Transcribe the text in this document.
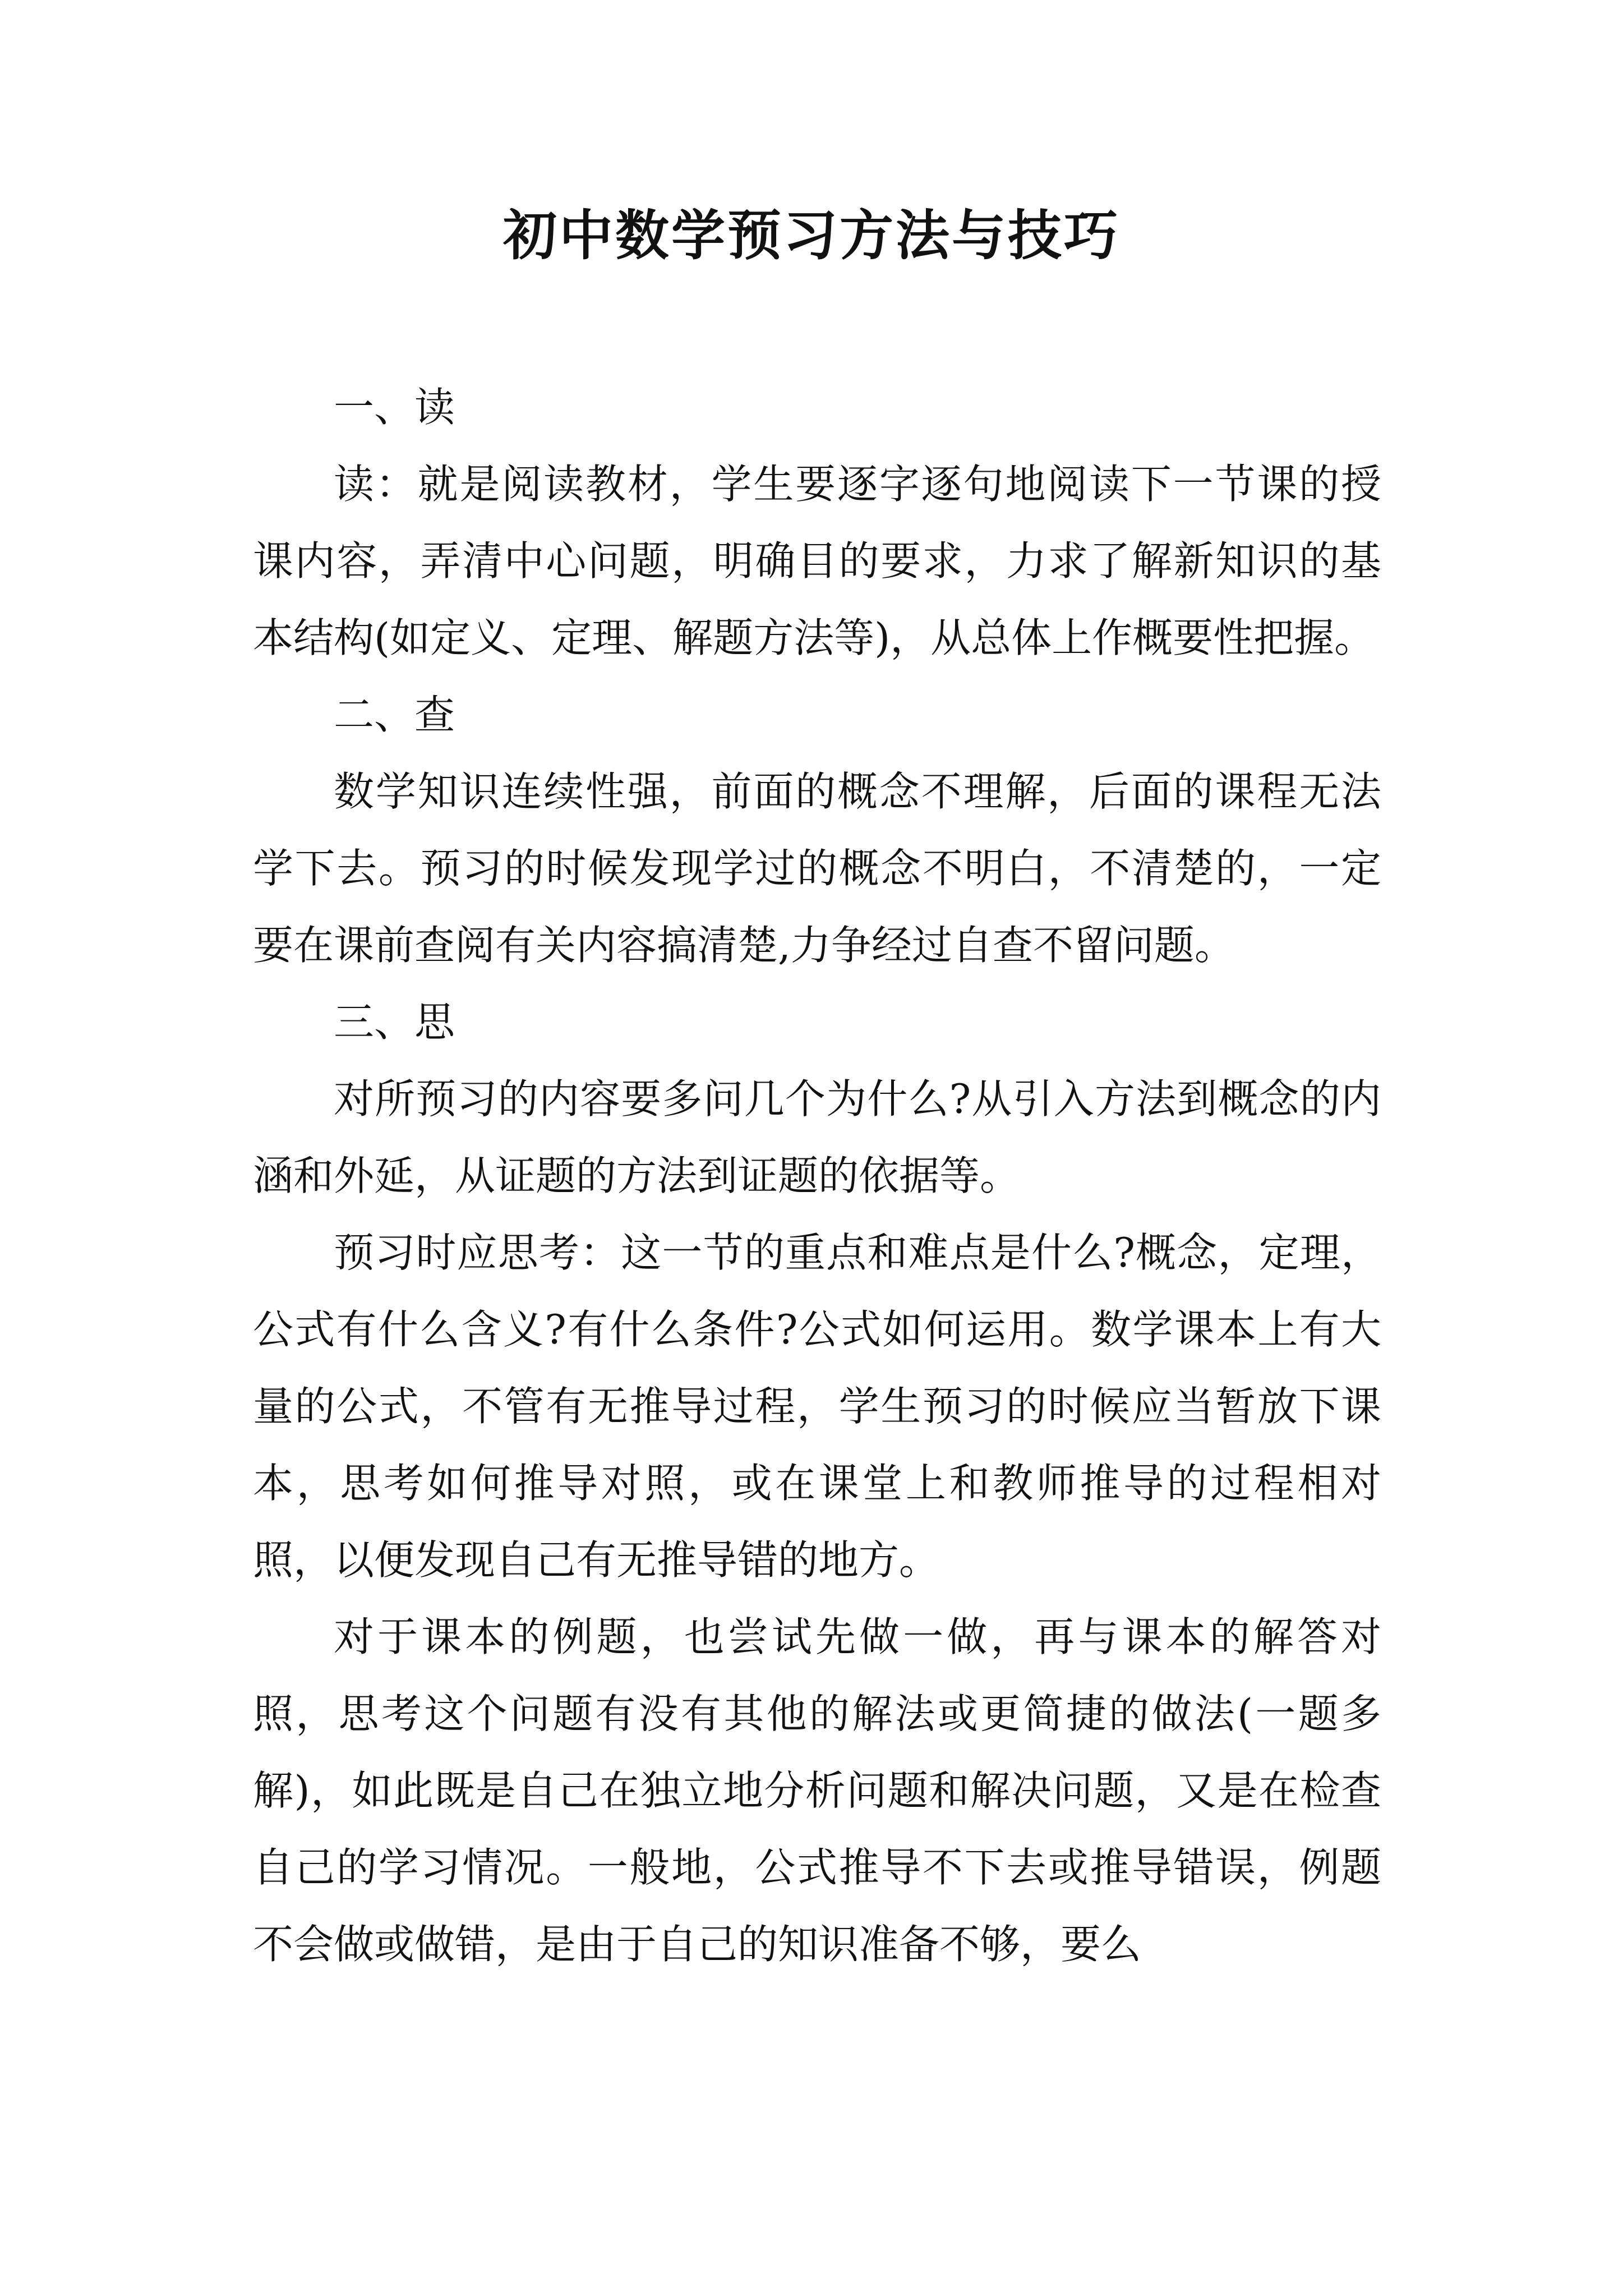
初中数学预习方法与技巧

一、读

读：就是阅读教材，学生要逐字逐句地阅读下一节课的授课内容，弄清中心问题，明确目的要求，力求了解新知识的基本结构(如定义、定理、解题方法等)，从总体上作概要性把握。

二、查

数学知识连续性强，前面的概念不理解，后面的课程无法学下去。预习的时候发现学过的概念不明白，不清楚的，一定要在课前查阅有关内容搞清楚,力争经过自查不留问题。

三、思

对所预习的内容要多问几个为什么?从引入方法到概念的内涵和外延，从证题的方法到证题的依据等。

预习时应思考：这一节的重点和难点是什么?概念，定理，公式有什么含义?有什么条件?公式如何运用。数学课本上有大量的公式，不管有无推导过程，学生预习的时候应当暂放下课本，思考如何推导对照，或在课堂上和教师推导的过程相对照，以便发现自己有无推导错的地方。

对于课本的例题，也尝试先做一做，再与课本的解答对照，思考这个问题有没有其他的解法或更简捷的做法(一题多解)，如此既是自己在独立地分析问题和解决问题，又是在检查自己的学习情况。一般地，公式推导不下去或推导错误，例题不会做或做错，是由于自己的知识准备不够，要么
